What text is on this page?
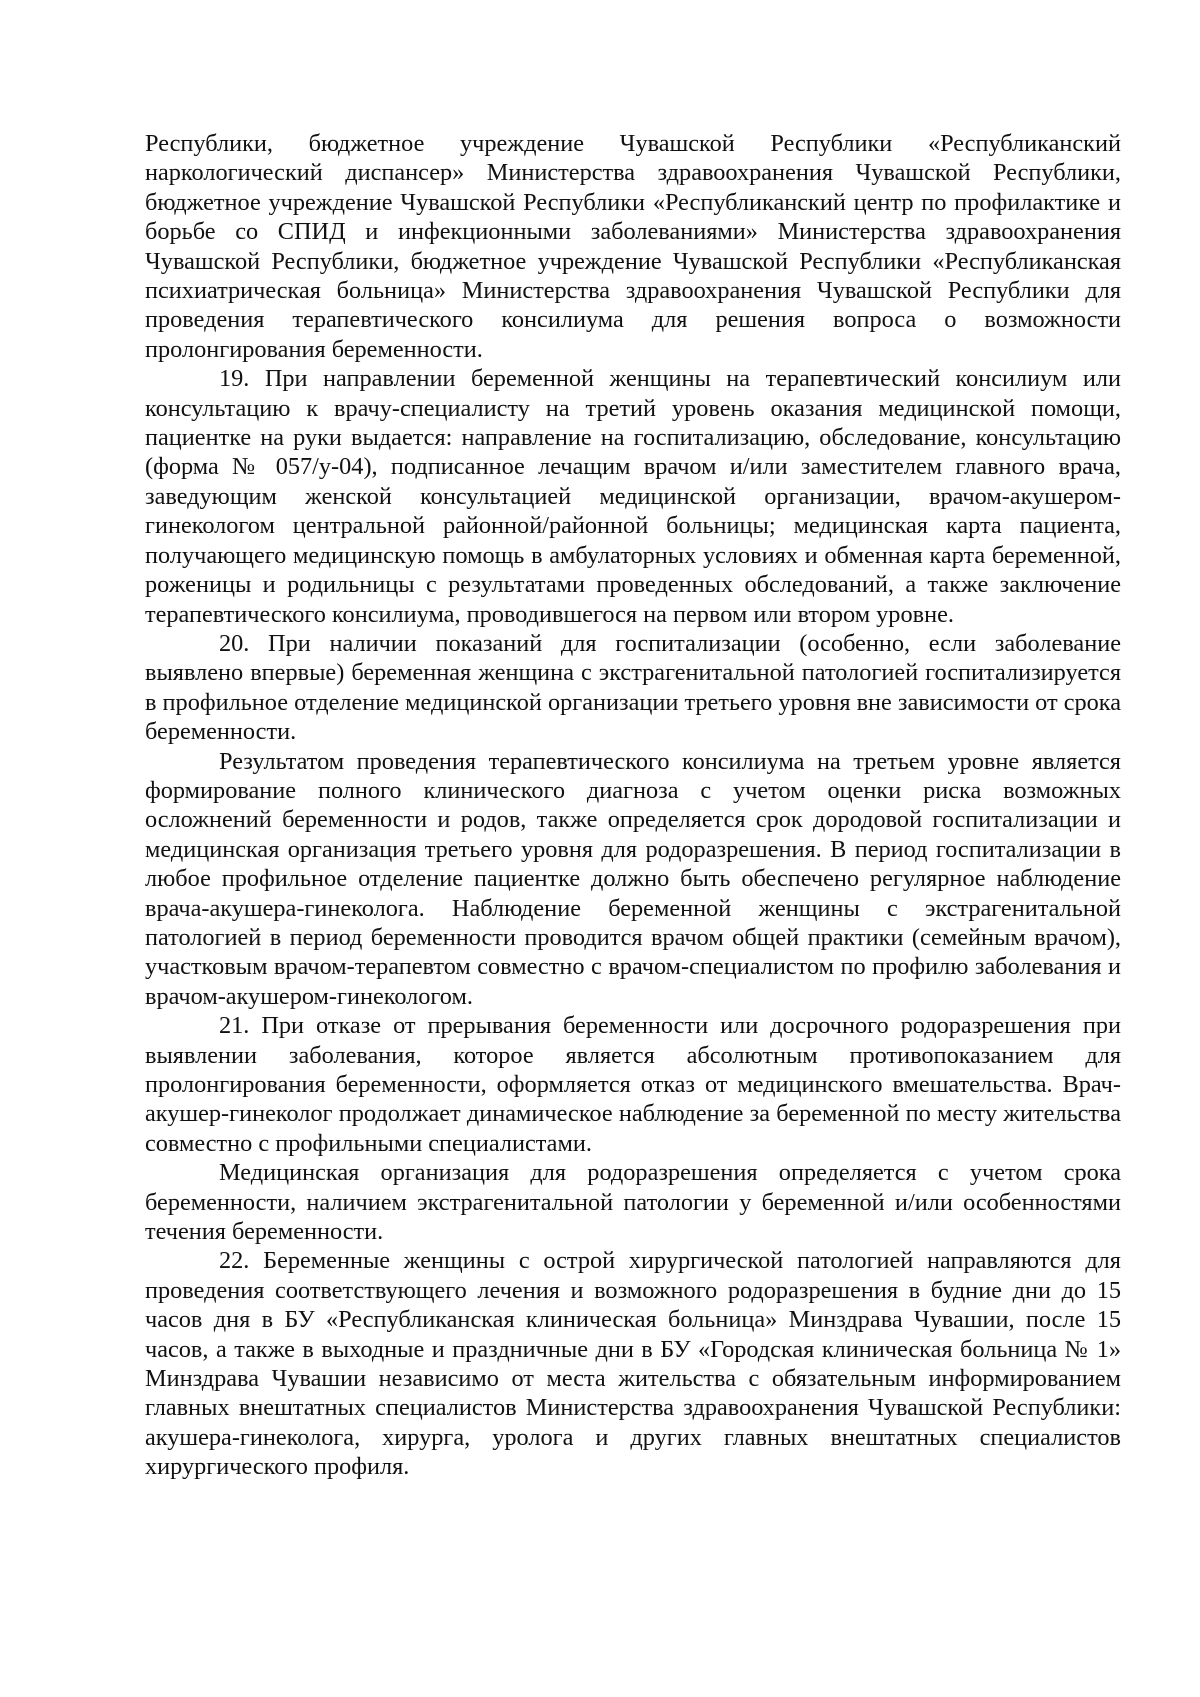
Республики, бюджетное учреждение Чувашской Республики «Республиканский наркологический диспансер» Министерства здравоохранения Чувашской Республики, бюджетное учреждение Чувашской Республики «Республиканский центр по профилактике и борьбе со СПИД и инфекционными заболеваниями» Министерства здравоохранения Чувашской Республики, бюджетное учреждение Чувашской Республики «Республиканская психиатрическая больница» Министерства здравоохранения Чувашской Республики для проведения терапевтического консилиума для решения вопроса о возможности пролонгирования беременности.

19. При направлении беременной женщины на терапевтический консилиум или консультацию к врачу-специалисту на третий уровень оказания медицинской помощи, пациентке на руки выдается: направление на госпитализацию, обследование, консультацию (форма № 057/у-04), подписанное лечащим врачом и/или заместителем главного врача, заведующим женской консультацией медицинской организации, врачом-акушером-гинекологом центральной районной/районной больницы; медицинская карта пациента, получающего медицинскую помощь в амбулаторных условиях и обменная карта беременной, роженицы и родильницы с результатами проведенных обследований, а также заключение терапевтического консилиума, проводившегося на первом или втором уровне.

20. При наличии показаний для госпитализации (особенно, если заболевание выявлено впервые) беременная женщина с экстрагенитальной патологией госпитализируется в профильное отделение медицинской организации третьего уровня вне зависимости от срока беременности.

Результатом проведения терапевтического консилиума на третьем уровне является формирование полного клинического диагноза с учетом оценки риска возможных осложнений беременности и родов, также определяется срок дородовой госпитализации и медицинская организация третьего уровня для родоразрешения. В период госпитализации в любое профильное отделение пациентке должно быть обеспечено регулярное наблюдение врача-акушера-гинеколога. Наблюдение беременной женщины с экстрагенитальной патологией в период беременности проводится врачом общей практики (семейным врачом), участковым врачом-терапевтом совместно с врачом-специалистом по профилю заболевания и врачом-акушером-гинекологом.

21. При отказе от прерывания беременности или досрочного родоразрешения при выявлении заболевания, которое является абсолютным противопоказанием для пролонгирования беременности, оформляется отказ от медицинского вмешательства. Врач-акушер-гинеколог продолжает динамическое наблюдение за беременной по месту жительства совместно с профильными специалистами.

Медицинская организация для родоразрешения определяется с учетом срока беременности, наличием экстрагенитальной патологии у беременной и/или особенностями течения беременности.

22. Беременные женщины с острой хирургической патологией направляются для проведения соответствующего лечения и возможного родоразрешения в будние дни до 15 часов дня в БУ «Республиканская клиническая больница» Минздрава Чувашии, после 15 часов, а также в выходные и праздничные дни в БУ «Городская клиническая больница № 1» Минздрава Чувашии независимо от места жительства с обязательным информированием главных внештатных специалистов Министерства здравоохранения Чувашской Республики: акушера-гинеколога, хирурга, уролога и других главных внештатных специалистов хирургического профиля.
